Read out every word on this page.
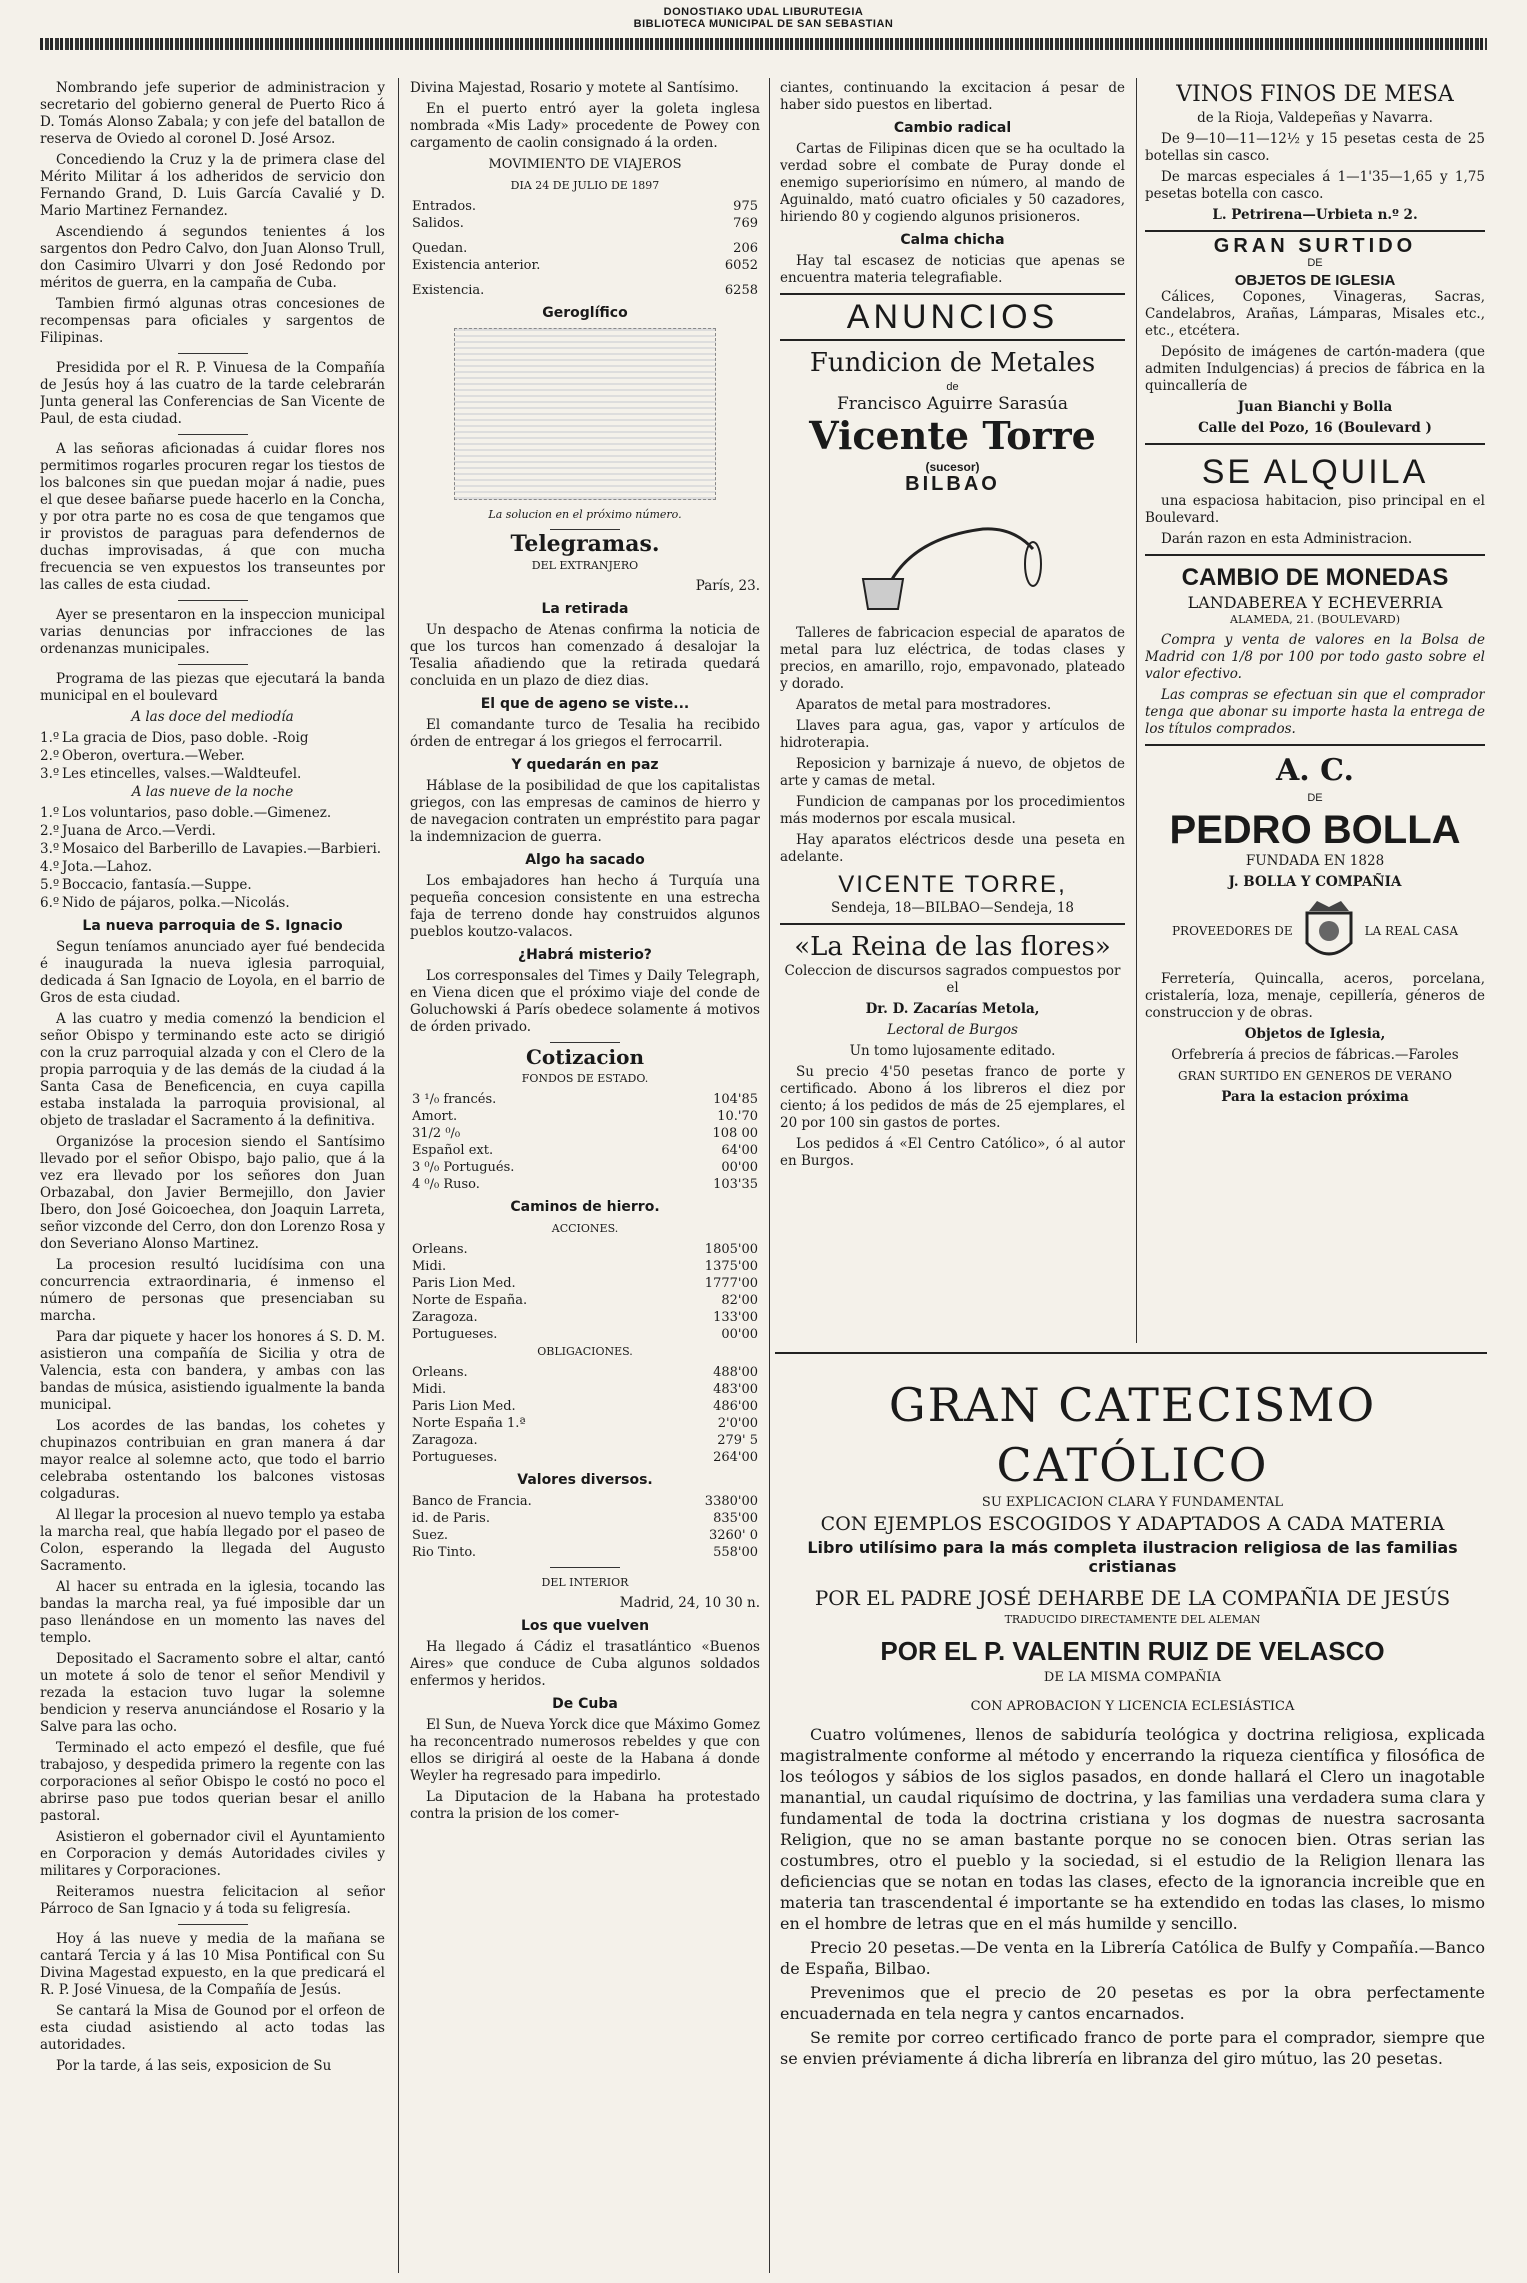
DONOSTIAKO UDAL LIBURUTEGIA
BIBLIOTECA MUNICIPAL DE SAN SEBASTIAN

Nombrando jefe superior de administracion y secretario del gobierno general de Puerto Rico á D. Tomás Alonso Zabala; y con jefe del batallon de reserva de Oviedo al coronel D. José Arsoz.

Concediendo la Cruz y la de primera clase del Mérito Militar á los adheridos de servicio don Fernando Grand, D. Luis García Cavalié y D. Mario Martinez Fernandez.

Ascendiendo á segundos tenientes á los sargentos don Pedro Calvo, don Juan Alonso Trull, don Casimiro Ulvarri y don José Redondo por méritos de guerra, en la campaña de Cuba.

Tambien firmó algunas otras concesiones de recompensas para oficiales y sargentos de Filipinas.

Presidida por el R. P. Vinuesa de la Compañía de Jesús hoy á las cuatro de la tarde celebrarán Junta general las Conferencias de San Vicente de Paul, de esta ciudad.

A las señoras aficionadas á cuidar flores nos permitimos rogarles procuren regar los tiestos de los balcones sin que puedan mojar á nadie, pues el que desee bañarse puede hacerlo en la Concha, y por otra parte no es cosa de que tengamos que ir provistos de paraguas para defendernos de duchas improvisadas, á que con mucha frecuencia se ven expuestos los transeuntes por las calles de esta ciudad.

Ayer se presentaron en la inspeccion municipal varias denuncias por infracciones de las ordenanzas municipales.

Programa de las piezas que ejecutará la banda municipal en el boulevard

A las doce del mediodía

1.º La gracia de Dios, paso doble. -Roig
2.º Oberon, overtura.—Weber.
3.º Les etincelles, valses.—Waldteufel.

A las nueve de la noche

1.º Los voluntarios, paso doble.—Gimenez.
2.º Juana de Arco.—Verdi.
3.º Mosaico del Barberillo de Lavapies.—Barbieri.
4.º Jota.—Lahoz.
5.º Boccacio, fantasía.—Suppe.
6.º Nido de pájaros, polka.—Nicolás.
La nueva parroquia de S. Ignacio

Segun teníamos anunciado ayer fué bendecida é inaugurada la nueva iglesia parroquial, dedicada á San Ignacio de Loyola, en el barrio de Gros de esta ciudad.

A las cuatro y media comenzó la bendicion el señor Obispo y terminando este acto se dirigió con la cruz parroquial alzada y con el Clero de la propia parroquia y de las demás de la ciudad á la Santa Casa de Beneficencia, en cuya capilla estaba instalada la parroquia provisional, al objeto de trasladar el Sacramento á la definitiva.

Organizóse la procesion siendo el Santísimo llevado por el señor Obispo, bajo palio, que á la vez era llevado por los señores don Juan Orbazabal, don Javier Bermejillo, don Javier Ibero, don José Goicoechea, don Joaquin Larreta, señor vizconde del Cerro, don don Lorenzo Rosa y don Severiano Alonso Martinez.

La procesion resultó lucidísima con una concurrencia extraordinaria, é inmenso el número de personas que presenciaban su marcha.

Para dar piquete y hacer los honores á S. D. M. asistieron una compañía de Sicilia y otra de Valencia, esta con bandera, y ambas con las bandas de música, asistiendo igualmente la banda municipal.

Los acordes de las bandas, los cohetes y chupinazos contribuian en gran manera á dar mayor realce al solemne acto, que todo el barrio celebraba ostentando los balcones vistosas colgaduras.

Al llegar la procesion al nuevo templo ya estaba la marcha real, que había llegado por el paseo de Colon, esperando la llegada del Augusto Sacramento.

Al hacer su entrada en la iglesia, tocando las bandas la marcha real, ya fué imposible dar un paso llenándose en un momento las naves del templo.

Depositado el Sacramento sobre el altar, cantó un motete á solo de tenor el señor Mendivil y rezada la estacion tuvo lugar la solemne bendicion y reserva anunciándose el Rosario y la Salve para las ocho.

Terminado el acto empezó el desfile, que fué trabajoso, y despedida primero la regente con las corporaciones al señor Obispo le costó no poco el abrirse paso pue todos querian besar el anillo pastoral.

Asistieron el gobernador civil el Ayuntamiento en Corporacion y demás Autoridades civiles y militares y Corporaciones.

Reiteramos nuestra felicitacion al señor Párroco de San Ignacio y á toda su feligresía.

Hoy á las nueve y media de la mañana se cantará Tercia y á las 10 Misa Pontifical con Su Divina Magestad expuesto, en la que predicará el R. P. José Vinuesa, de la Compañía de Jesús.

Se cantará la Misa de Gounod por el orfeon de esta ciudad asistiendo al acto todas las autoridades.

Por la tarde, á las seis, exposicion de Su

Divina Majestad, Rosario y motete al Santísimo.

En el puerto entró ayer la goleta inglesa nombrada «Mis Lady» procedente de Powey con cargamento de caolin consignado á la orden.

MOVIMIENTO DE VIAJEROS

DIA 24 DE JULIO DE 1897

Entrados.	975
Salidos.	769

Quedan.	206
Existencia anterior.	6052

Existencia.	6258
Geroglífico

La solucion en el próximo número.

Telegramas.

DEL EXTRANJERO

París, 23.

La retirada

Un despacho de Atenas confirma la noticia de que los turcos han comenzado á desalojar la Tesalia añadiendo que la retirada quedará concluida en un plazo de diez dias.

El que de ageno se viste...

El comandante turco de Tesalia ha recibido órden de entregar á los griegos el ferrocarril.

Y quedarán en paz

Háblase de la posibilidad de que los capitalistas griegos, con las empresas de caminos de hierro y de navegacion contraten un empréstito para pagar la indemnizacion de guerra.

Algo ha sacado

Los embajadores han hecho á Turquía una pequeña concesion consistente en una estrecha faja de terreno donde hay construidos algunos pueblos koutzo-valacos.

¿Habrá misterio?

Los corresponsales del Times y Daily Telegraph, en Viena dicen que el próximo viaje del conde de Goluchowski á París obedece solamente á motivos de órden privado.

Cotizacion

FONDOS DE ESTADO.

3 ¹/₀ francés.	104'85
Amort.	10.'70
31/2 ⁰/₀	108 00
Español ext.	64'00
3 ⁰/₀ Portugués.	00'00
4 ⁰/₀ Ruso.	103'35
Caminos de hierro.

ACCIONES.

Orleans.	1805'00
Midi.	1375'00
Paris Lion Med.	1777'00
Norte de España.	82'00
Zaragoza.	133'00
Portugueses.	00'00

OBLIGACIONES.

Orleans.	488'00
Midi.	483'00
Paris Lion Med.	486'00
Norte España 1.ª	2'0'00
Zaragoza.	279' 5
Portugueses.	264'00
Valores diversos.
Banco de Francia.	3380'00
id. de Paris.	835'00
Suez.	3260' 0
Rio Tinto.	558'00

DEL INTERIOR

Madrid, 24, 10 30 n.

Los que vuelven

Ha llegado á Cádiz el trasatlántico «Buenos Aires» que conduce de Cuba algunos soldados enfermos y heridos.

De Cuba

El Sun, de Nueva Yorck dice que Máximo Gomez ha reconcentrado numerosos rebeldes y que con ellos se dirigirá al oeste de la Habana á donde Weyler ha regresado para impedirlo.

La Diputacion de la Habana ha protestado contra la prision de los comer-

ciantes, continuando la excitacion á pesar de haber sido puestos en libertad.

Cambio radical

Cartas de Filipinas dicen que se ha ocultado la verdad sobre el combate de Puray donde el enemigo superiorísimo en número, al mando de Aguinaldo, mató cuatro oficiales y 50 cazadores, hiriendo 80 y cogiendo algunos prisioneros.

Calma chicha

Hay tal escasez de noticias que apenas se encuentra materia telegrafiable.

ANUNCIOS
Fundicion de Metales
de
Francisco Aguirre Sarasúa
Vicente Torre
(sucesor)
BILBAO

Talleres de fabricacion especial de aparatos de metal para luz eléctrica, de todas clases y precios, en amarillo, rojo, empavonado, plateado y dorado.

Aparatos de metal para mostradores.

Llaves para agua, gas, vapor y artículos de hidroterapia.

Reposicion y barnizaje á nuevo, de objetos de arte y camas de metal.

Fundicion de campanas por los procedimientos más modernos por escala musical.

Hay aparatos eléctricos desde una peseta en adelante.

VICENTE TORRE,

Sendeja, 18—BILBAO—Sendeja, 18

«La Reina de las flores»

Coleccion de discursos sagrados compuestos por el

Dr. D. Zacarías Metola,

Lectoral de Burgos

Un tomo lujosamente editado.

Su precio 4'50 pesetas franco de porte y certificado. Abono á los libreros el diez por ciento; á los pedidos de más de 25 ejemplares, el 20 por 100 sin gastos de portes.

Los pedidos á «El Centro Católico», ó al autor en Burgos.

VINOS FINOS DE MESA

de la Rioja, Valdepeñas y Navarra.

De 9—10—11—12½ y 15 pesetas cesta de 25 botellas sin casco.

De marcas especiales á 1—1'35—1,65 y 1,75 pesetas botella con casco.

L. Petrirena—Urbieta n.º 2.

GRAN SURTIDO
DE
OBJETOS DE IGLESIA

Cálices, Copones, Vinageras, Sacras, Candelabros, Arañas, Lámparas, Misales etc., etc., etcétera.

Depósito de imágenes de cartón-madera (que admiten Indulgencias) á precios de fábrica en la quincallería de

Juan Bianchi y Bolla

Calle del Pozo, 16 (Boulevard )

SE ALQUILA

una espaciosa habitacion, piso principal en el Boulevard.

Darán razon en esta Administracion.

CAMBIO DE MONEDAS
LANDABEREA Y ECHEVERRIA

ALAMEDA, 21. (BOULEVARD)

Compra y venta de valores en la Bolsa de Madrid con 1/8 por 100 por todo gasto sobre el valor efectivo.

Las compras se efectuan sin que el comprador tenga que abonar su importe hasta la entrega de los títulos comprados.

A. C.
DE
PEDRO BOLLA

FUNDADA EN 1828

J. BOLLA Y COMPAÑIA

PROVEEDORES DE	LA REAL CASA

Ferretería, Quincalla, aceros, porcelana, cristalería, loza, menaje, cepillería, géneros de construccion y de obras.

Objetos de Iglesia,

Orfebrería á precios de fábricas.—Faroles

GRAN SURTIDO EN GENEROS DE VERANO

Para la estacion próxima

GRAN CATECISMO CATÓLICO

SU EXPLICACION CLARA Y FUNDAMENTAL

CON EJEMPLOS ESCOGIDOS Y ADAPTADOS A CADA MATERIA

Libro utilísimo para la más completa ilustracion religiosa de las familias cristianas

POR EL PADRE JOSÉ DEHARBE DE LA COMPAÑIA DE JESÚS

TRADUCIDO DIRECTAMENTE DEL ALEMAN

POR EL P. VALENTIN RUIZ DE VELASCO

DE LA MISMA COMPAÑIA

CON APROBACION Y LICENCIA ECLESIÁSTICA

Cuatro volúmenes, llenos de sabiduría teológica y doctrina religiosa, explicada magistralmente conforme al método y encerrando la riqueza científica y filosófica de los teólogos y sábios de los siglos pasados, en donde hallará el Clero un inagotable manantial, un caudal riquísimo de doctrina, y las familias una verdadera suma clara y fundamental de toda la doctrina cristiana y los dogmas de nuestra sacrosanta Religion, que no se aman bastante porque no se conocen bien. Otras serian las costumbres, otro el pueblo y la sociedad, si el estudio de la Religion llenara las deficiencias que se notan en todas las clases, efecto de la ignorancia increible que en materia tan trascendental é importante se ha extendido en todas las clases, lo mismo en el hombre de letras que en el más humilde y sencillo.

Precio 20 pesetas.—De venta en la Librería Católica de Bulfy y Compañía.—Banco de España, Bilbao.

Prevenimos que el precio de 20 pesetas es por la obra perfectamente encuadernada en tela negra y cantos encarnados.

Se remite por correo certificado franco de porte para el comprador, siempre que se envien préviamente á dicha librería en libranza del giro mútuo, las 20 pesetas.
